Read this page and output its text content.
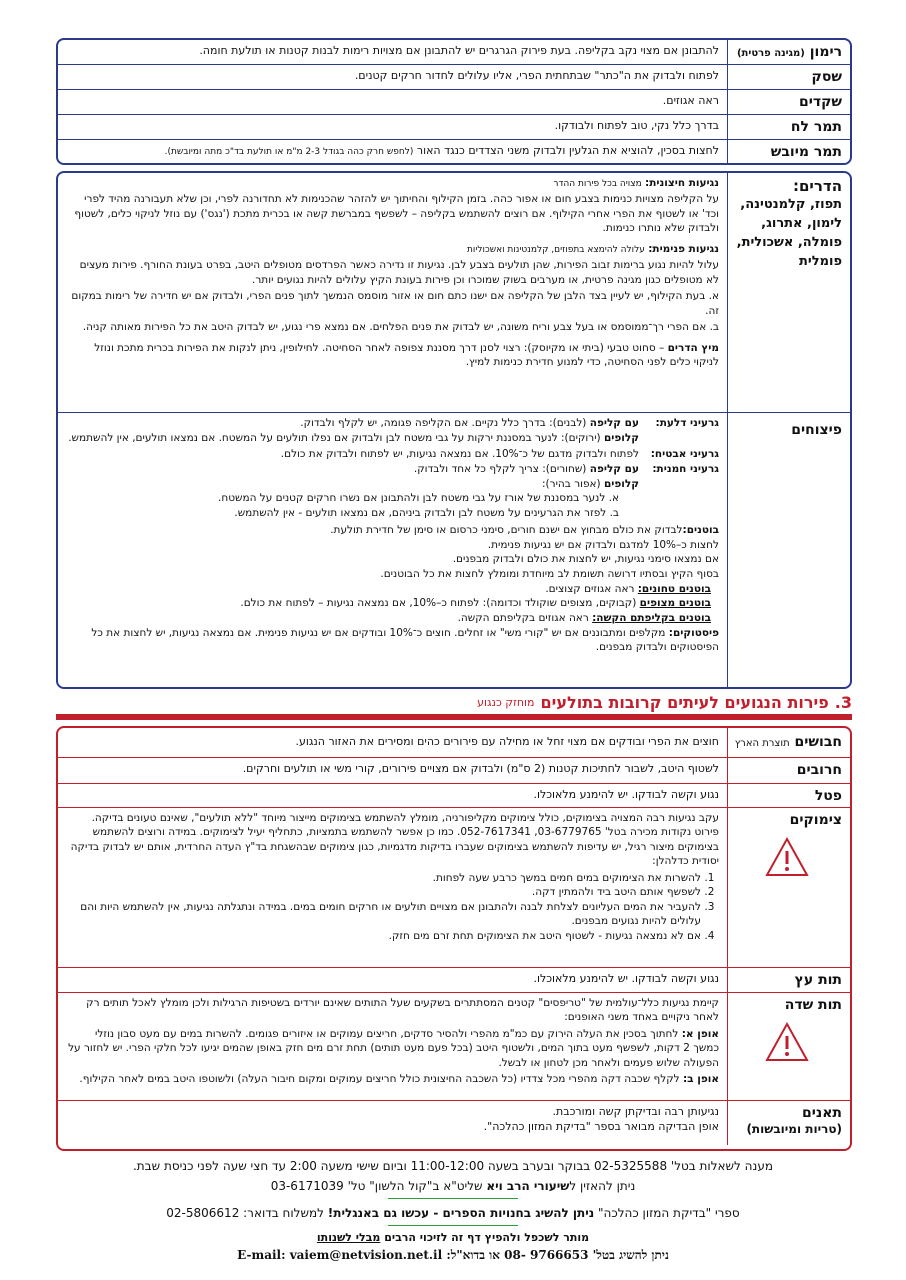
רימון (מגינה פרטית)
להתבונן אם מצוי נקב בקליפה. בעת פירוק הגרגרים יש להתבונן אם מצויות רימות לבנות קטנות או תולעת חומה.
שסק
לפתוח ולבדוק את ה"כתר" שבתחתית הפרי, אליו עלולים לחדור חרקים קטנים.
שקדים
ראה אגוזים.
תמר לח
בדרך כלל נקי, טוב לפתוח ולבודקו.
תמר מיובש
לחצות בסכין, להוציא את הגלעין ולבדוק משני הצדדים כנגד האור (לחפש חרק כהה בגודל 2-3 מ"מ או תולעת בד"כ מתה ומיובשת).
הדרים:
תפוז, קלמנטינה, לימון, אתרוג, פומלה, אשכולית, פומלית

נגיעות חיצונית: מצויה בכל פירות ההדר

על הקליפה מצויות כנימות בצבע חום או אפור כהה. בזמן הקילוף והחיתוך יש להזהר שהכנימות לא תחדורנה לפרי, וכן שלא תעבורנה מהיד לפרי וכד' או לשטוף את הפרי אחרי הקילוף. אם רוצים להשתמש בקליפה – לשפשף במברשת קשה או בכרית מתכת ('נגס') עם נוזל לניקוי כלים, לשטוף ולבדוק שלא נותרו כנימות.

נגיעות פנימית: עלולה להימצא בתפוזים, קלמנטינות ואשכוליות

עלול להיות נגוע ברימות זבוב הפירות, שהן תולעים בצבע לבן. נגיעות זו נדירה כאשר הפרדסים מטופלים היטב, בפרט בעונת החורף. פירות מעצים לא מטופלים כגון מגינה פרטית, או מערבים בשוק שמוכרו וכן פירות בעונת הקיץ עלולים להיות נגועים יותר.

א. בעת הקילוף, יש לעיין בצד הלבן של הקליפה אם ישנו כתם חום או אזור מוסמס הנמשך לתוך פנים הפרי, ולבדוק אם יש חדירה של רימות במקום זה.

ב. אם הפרי רך־ממוסמס או בעל צבע וריח משונה, יש לבדוק את פנים הפלחים. אם נמצא פרי נגוע, יש לבדוק היטב את כל הפירות מאותה קניה.

מיץ הדרים – סחוט טבעי (ביתי או מקיוסק): רצוי לסנן דרך מסננת צפופה לאחר הסחיטה. לחילופין, ניתן לנקות את הפירות בכרית מתכת ונוזל לניקוי כלים לפני הסחיטה, כדי למנוע חדירת כנימות למיץ.

פיצוחים
גרעיני דלעת:
עם קליפה (לבנים): בדרך כלל נקיים. אם הקליפה פגומה, יש לקלף ולבדוק.
קלופים (ירוקים): לנער במסננת ירקות על גבי משטח לבן ולבדוק אם נפלו תולעים על המשטח. אם נמצאו תולעים, אין להשתמש.
גרעיני אבטיח:
לפתוח ולבדוק מדגם של כ־10%. אם נמצאה נגיעות, יש לפתוח ולבדוק את כולם.
גרעיני חמנית:
עם קליפה (שחורים): צריך לקלף כל אחד ולבדוק.
קלופים (אפור בהיר):
א. לנער במסננת של אורז על גבי משטח לבן ולהתבונן אם נשרו חרקים קטנים על המשטח.
ב. לפזר את הגרעינים על משטח לבן ולבדוק ביניהם, אם נמצאו תולעים - אין להשתמש.
בוטנים:לבדוק את כולם מבחוץ אם ישנם חורים, סימני כרסום או סימן של חדירת תולעת.
לחצות כ–10% למדגם ולבדוק אם יש נגיעות פנימית.
אם נמצאו סימני נגיעות, יש לחצות את כולם ולבדוק מבפנים.
בסוף הקיץ ובסתיו דרושה תשומת לב מיוחדת ומומלץ לחצות את כל הבוטנים.
בוטנים טחונים: ראה אגוזים קצוצים.
בוטנים מצופים (קבוקים, מצופים שוקולד וכדומה): לפתוח כ–10%, אם נמצאה נגיעות – לפתוח את כולם.
בוטנים בקליפתם הקשה: ראה אגוזים בקליפתם הקשה.
פיסטוקים: מקלפים ומתבוננים אם יש "קורי משי" או זחלים. חוצים כ־10% ובודקים אם יש נגיעות פנימית. אם נמצאה נגיעות, יש לחצות את כל הפיסטוקים ולבדוק מבפנים.
3.
פירות הנגועים לעיתים קרובות בתולעים
מוחזק כנגוע
חבושים תוצרת הארץ
חוצים את הפרי ובודקים אם מצוי זחל או מחילה עם פירורים כהים ומסירים את האזור הנגוע.
חרובים
לשטוף היטב, לשבור לחתיכות קטנות (2 ס"מ) ולבדוק אם מצויים פירורים, קורי משי או תולעים וחרקים.
פטל
נגוע וקשה לבודקו. יש להימנע מלאוכלו.
צימוקים

עקב נגיעות רבה המצויה בצימוקים, כולל צימוקים מקליפורניה, מומלץ להשתמש בצימוקים מייצור מיוחד "ללא תולעים", שאינם טעונים בדיקה. פירוט נקודות מכירה בטל' 03-6779765, 052-7617341. כמו כן אפשר להשתמש בתמציות, כתחליף יעיל לצימוקים. במידה ורוצים להשתמש בצימוקים מיצור רגיל, יש עדיפות להשתמש בצימוקים שעברו בדיקות מדגמיות, כגון צימוקים שבהשגחת בד"ץ העדה החרדית, אותם יש לבדוק בדיקה יסודית כדלהלן:

1. להשרות את הצימוקים במים חמים במשך כרבע שעה לפחות.
2. לשפשף אותם היטב ביד ולהמתין דקה.
3. להעביר את המים העליונים לצלחת לבנה ולהתבונן אם מצויים תולעים או חרקים חומים במים. במידה ונתגלתה נגיעות, אין להשתמש היות והם עלולים להיות נגועים מבפנים.
4. אם לא נמצאה נגיעות - לשטוף היטב את הצימוקים תחת זרם מים חזק.
תות עץ
נגוע וקשה לבודקו. יש להימנע מלאוכלו.
תות שדה

קיימת נגיעות כלל־עולמית של "טריפסים" קטנים המסתתרים בשקעים שעל התותים שאינם יורדים בשטיפות הרגילות ולכן מומלץ לאכל תותים רק לאחר ניקויים באחד משני האופנים:

אופן א: לחתוך בסכין את העלה הירוק עם כמ"מ מהפרי ולהסיר סדקים, חריצים עמוקים או איזורים פגומים. להשרות במים עם מעט סבון נוזלי כמשך 2 דקות, לשפשף מעט בתוך המים, ולשטוף היטב (בכל פעם מעט תותים) תחת זרם מים חזק באופן שהמים יגיעו לכל חלקי הפרי. יש לחזור על הפעולה שלוש פעמים ולאחר מכן לטחון או לבשל.

אופן ב: לקלף שכבה דקה מהפרי מכל צדדיו (כל השכבה החיצונית כולל חריצים עמוקים ומקום חיבור העלה) ולשוטפו היטב במים לאחר הקילוף.

תאנים
(טריות ומיובשות)
נגיעותן רבה ובדיקתן קשה ומורכבת.
אופן הבדיקה מבואר בספר "בדיקת המזון כהלכה".
מענה לשאלות בטל' 02-5325588 בבוקר ובערב בשעה 11:00-12:00 וביום שישי משעה 2:00 עד חצי שעה לפני כניסת שבת.
ניתן להאזין לשיעורי הרב ויא שליט"א ב"קול הלשון" טל' 03-6171039
ספרי "בדיקת המזון כהלכה" ניתן להשיג בחנויות הספרים - עכשו גם באנגלית! למשלוח בדואר: 02-5806612
מותר לשכפל ולהפיץ דף זה לזיכוי הרבים מבלי לשנותו
ניתן להשיג בטל' 9766653 -08 או בדוא"ל: E-mail: vaiem@netvision.net.il
